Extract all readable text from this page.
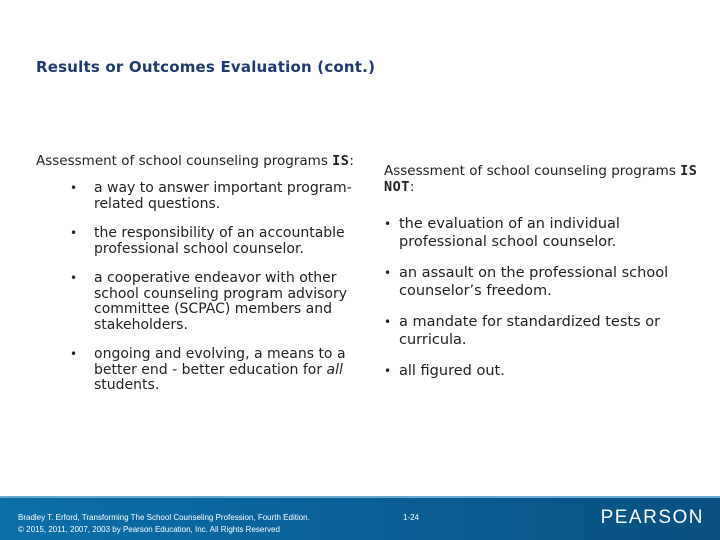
Results or Outcomes Evaluation (cont.)
Assessment of school counseling programs IS:
• a way to answer important program-related questions.
• the responsibility of an accountable professional school counselor.
• a cooperative endeavor with other school counseling program advisory committee (SCPAC) members and stakeholders.
• ongoing and evolving, a means to a better end - better education for all students.
Assessment of school counseling programs IS NOT:
• the evaluation of an individual professional school counselor.
• an assault on the professional school counselor’s freedom.
• a mandate for standardized tests or curricula.
• all figured out.
Bradley T. Erford, Transforming The School Counseling Profession, Fourth Edition.
© 2015, 2011, 2007, 2003 by Pearson Education, Inc. All Rights Reserved
1-24	PEARSON
